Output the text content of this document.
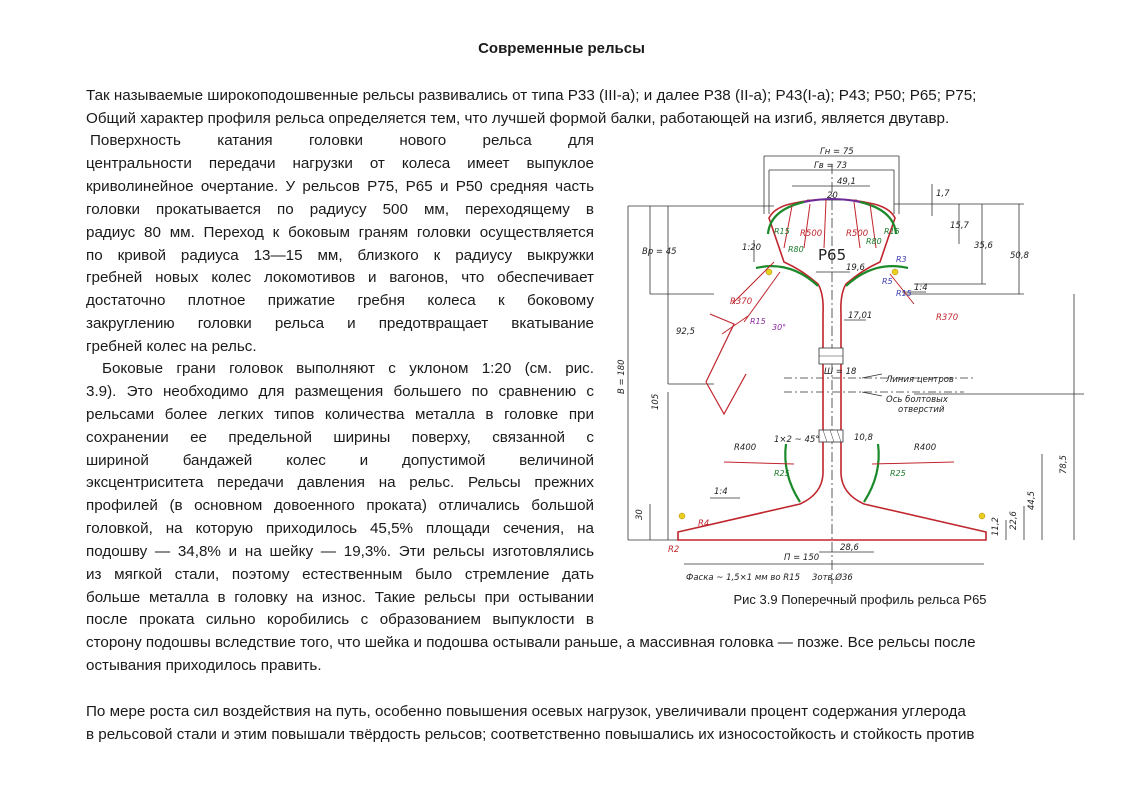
Современные рельсы
Так называемые широкоподошвенные рельсы развивались от типа Р33 (III-а); и далее Р38 (II-а); Р43(I-а); Р43; Р50; Р65; Р75;
Общий характер профиля рельса определяется тем, что лучшей формой балки, работающей на изгиб, является двутавр.
Поверхность катания головки нового рельса для
центральности передачи нагрузки от колеса имеет выпуклое
криволинейное очертание. У рельсов Р75, Р65 и Р50 средняя часть
головки прокатывается по радиусу 500 мм, переходящему в
радиус 80 мм. Переход к боковым граням головки осуществляется
по кривой радиуса 13—15 мм, близкого к радиусу выкружки
гребней новых колес локомотивов и вагонов, что обеспечивает
достаточно плотное прижатие гребня колеса к боковому
закруглению головки рельса и предотвращает вкатывание
гребней колес на рельс.
Боковые грани головок выполняют с уклоном 1:20 (см. рис.
3.9). Это необходимо для размещения большего по сравнению с
рельсами более легких типов количества металла в головке при
сохранении ее предельной ширины поверху, связанной с
шириной бандажей колес и допустимой величиной
эксцентриситета передачи давления на рельс. Рельсы прежних
профилей (в основном довоенного проката) отличались большой
головкой, на которую приходилось 45,5% площади сечения, на
подошву — 34,8% и на шейку — 19,3%. Эти рельсы изготовлялись
из мягкой стали, поэтому естественным было стремление дать
больше металла в головку на износ. Такие рельсы при остывании
после проката сильно коробились с образованием выпуклости в
сторону подошвы вследствие того, что шейка и подошва остывали раньше, а массивная головка — позже. Все рельсы после
остывания приходилось править.
По мере роста сил воздействия на путь, особенно повышения осевых нагрузок, увеличивали процент содержания углерода
в рельсовой стали и этим повышали твёрдость рельсов; соответственно повышались их износостойкость и стойкость против
Гн = 75
Гв = 73
49,1
20	1,7
15,7
35,6
50,8
Вр = 45	1:20
19,6
Р65
R370
R370
R15	R15
R80
R80
R500	R500
R3
R5
R15
1:4
92,5
17,01
30°
R15
Ш = 18
В = 180
105
Линия центров
Ось болтовых
отверстий
1×2 ~ 45°	10,8
R400	R400
R25	R25	78,5
1:4	44,5
30	22,6
11,2
R2
R4
П = 150
28,6
Фаска ~ 1,5×1 мм во R15 3отв.Ø36
Рис 3.9 Поперечный профиль рельса Р65
